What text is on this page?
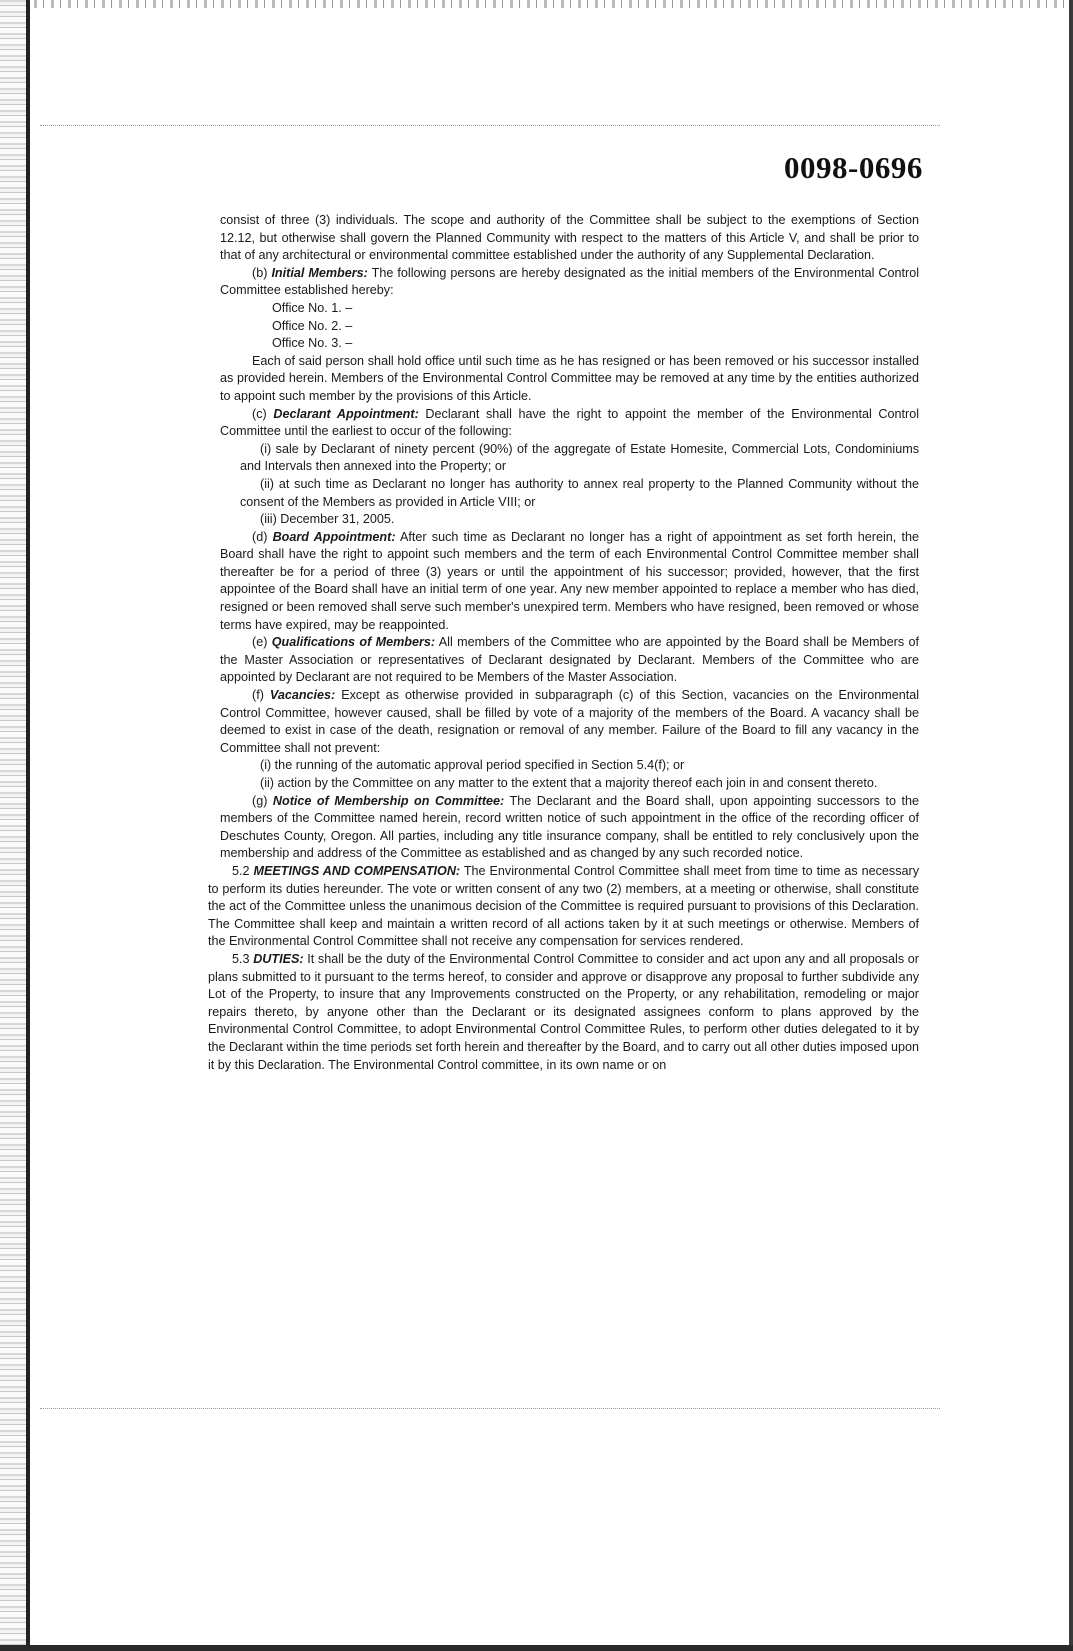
0098-0696

consist of three (3) individuals. The scope and authority of the Committee shall be subject to the exemptions of Section 12.12, but otherwise shall govern the Planned Community with respect to the matters of this Article V, and shall be prior to that of any architectural or environmental committee established under the authority of any Supplemental Declaration.

(b) Initial Members: The following persons are hereby designated as the initial members of the Environmental Control Committee established hereby:

Office No. 1. –

Office No. 2. –

Office No. 3. –

Each of said person shall hold office until such time as he has resigned or has been removed or his successor installed as provided herein. Members of the Environmental Control Committee may be removed at any time by the entities authorized to appoint such member by the provisions of this Article.

(c) Declarant Appointment: Declarant shall have the right to appoint the member of the Environmental Control Committee until the earliest to occur of the following:

(i) sale by Declarant of ninety percent (90%) of the aggregate of Estate Homesite, Commercial Lots, Condominiums and Intervals then annexed into the Property; or

(ii) at such time as Declarant no longer has authority to annex real property to the Planned Community without the consent of the Members as provided in Article VIII; or

(iii) December 31, 2005.

(d) Board Appointment: After such time as Declarant no longer has a right of appointment as set forth herein, the Board shall have the right to appoint such members and the term of each Environmental Control Committee member shall thereafter be for a period of three (3) years or until the appointment of his successor; provided, however, that the first appointee of the Board shall have an initial term of one year. Any new member appointed to replace a member who has died, resigned or been removed shall serve such member's unexpired term. Members who have resigned, been removed or whose terms have expired, may be reappointed.

(e) Qualifications of Members: All members of the Committee who are appointed by the Board shall be Members of the Master Association or representatives of Declarant designated by Declarant. Members of the Committee who are appointed by Declarant are not required to be Members of the Master Association.

(f) Vacancies: Except as otherwise provided in subparagraph (c) of this Section, vacancies on the Environmental Control Committee, however caused, shall be filled by vote of a majority of the members of the Board. A vacancy shall be deemed to exist in case of the death, resignation or removal of any member. Failure of the Board to fill any vacancy in the Committee shall not prevent:

(i) the running of the automatic approval period specified in Section 5.4(f); or

(ii) action by the Committee on any matter to the extent that a majority thereof each join in and consent thereto.

(g) Notice of Membership on Committee: The Declarant and the Board shall, upon appointing successors to the members of the Committee named herein, record written notice of such appointment in the office of the recording officer of Deschutes County, Oregon. All parties, including any title insurance company, shall be entitled to rely conclusively upon the membership and address of the Committee as established and as changed by any such recorded notice.

5.2 MEETINGS AND COMPENSATION: The Environmental Control Committee shall meet from time to time as necessary to perform its duties hereunder. The vote or written consent of any two (2) members, at a meeting or otherwise, shall constitute the act of the Committee unless the unanimous decision of the Committee is required pursuant to provisions of this Declaration. The Committee shall keep and maintain a written record of all actions taken by it at such meetings or otherwise. Members of the Environmental Control Committee shall not receive any compensation for services rendered.

5.3 DUTIES: It shall be the duty of the Environmental Control Committee to consider and act upon any and all proposals or plans submitted to it pursuant to the terms hereof, to consider and approve or disapprove any proposal to further subdivide any Lot of the Property, to insure that any Improvements constructed on the Property, or any rehabilitation, remodeling or major repairs thereto, by anyone other than the Declarant or its designated assignees conform to plans approved by the Environmental Control Committee, to adopt Environmental Control Committee Rules, to perform other duties delegated to it by the Declarant within the time periods set forth herein and thereafter by the Board, and to carry out all other duties imposed upon it by this Declaration. The Environmental Control committee, in its own name or on
